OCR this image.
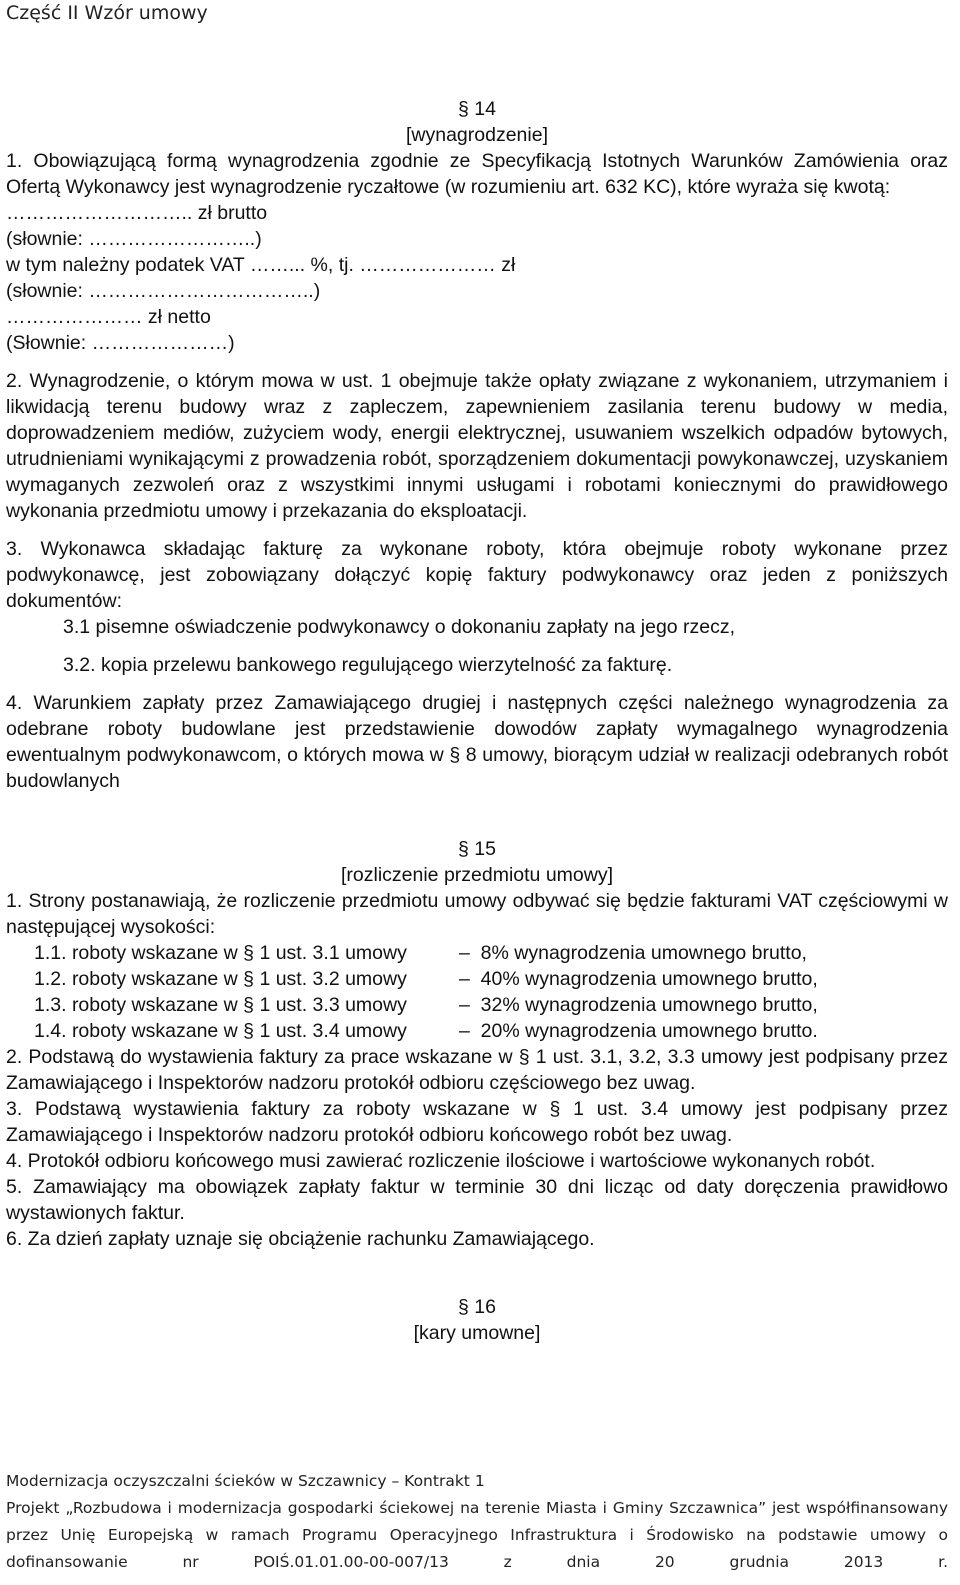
Część II Wzór umowy

§ 14

[wynagrodzenie]

1. Obowiązującą formą wynagrodzenia zgodnie ze Specyfikacją Istotnych Warunków Zamówienia oraz Ofertą Wykonawcy jest wynagrodzenie ryczałtowe (w rozumieniu art. 632 KC), które wyraża się kwotą:

……………………….. zł brutto

(słownie: ……………………..)

w tym należny podatek VAT ……... %, tj. ………………… zł

(słownie: ……………………………..)

………………… zł netto

(Słownie: …………………)

2. Wynagrodzenie, o którym mowa w ust. 1 obejmuje także opłaty związane z wykonaniem, utrzymaniem i likwidacją terenu budowy wraz z zapleczem, zapewnieniem zasilania terenu budowy w media, doprowadzeniem mediów, zużyciem wody, energii elektrycznej, usuwaniem wszelkich odpadów bytowych, utrudnieniami wynikającymi z prowadzenia robót, sporządzeniem dokumentacji powykonawczej, uzyskaniem wymaganych zezwoleń oraz z wszystkimi innymi usługami i robotami koniecznymi do prawidłowego wykonania przedmiotu umowy i przekazania do eksploatacji.

3. Wykonawca składając fakturę za wykonane roboty, która obejmuje roboty wykonane przez podwykonawcę, jest zobowiązany dołączyć kopię faktury podwykonawcy oraz jeden z poniższych dokumentów:

3.1 pisemne oświadczenie podwykonawcy o dokonaniu zapłaty na jego rzecz,

3.2. kopia przelewu bankowego regulującego wierzytelność za fakturę.

4. Warunkiem zapłaty przez Zamawiającego drugiej i następnych części należnego wynagrodzenia za odebrane roboty budowlane jest przedstawienie dowodów zapłaty wymagalnego wynagrodzenia ewentualnym podwykonawcom, o których mowa w § 8 umowy, biorącym udział w realizacji odebranych robót budowlanych

§ 15

[rozliczenie przedmiotu umowy]

1. Strony postanawiają, że rozliczenie przedmiotu umowy odbywać się będzie fakturami VAT częściowymi w następującej wysokości:

1.1. roboty wskazane w § 1 ust. 3.1 umowy	–  8% wynagrodzenia umownego brutto,
1.2. roboty wskazane w § 1 ust. 3.2 umowy	–  40% wynagrodzenia umownego brutto,
1.3. roboty wskazane w § 1 ust. 3.3 umowy	–  32% wynagrodzenia umownego brutto,
1.4. roboty wskazane w § 1 ust. 3.4 umowy	–  20% wynagrodzenia umownego brutto.

2. Podstawą do wystawienia faktury za prace wskazane w § 1 ust. 3.1, 3.2, 3.3 umowy jest podpisany przez Zamawiającego i Inspektorów nadzoru protokół odbioru częściowego bez uwag.

3. Podstawą wystawienia faktury za roboty wskazane w § 1 ust. 3.4 umowy jest podpisany przez Zamawiającego i Inspektorów nadzoru protokół odbioru końcowego robót bez uwag.

4. Protokół odbioru końcowego musi zawierać rozliczenie ilościowe i wartościowe wykonanych robót.

5. Zamawiający ma obowiązek zapłaty faktur w terminie 30 dni licząc od daty doręczenia prawidłowo wystawionych faktur.

6. Za dzień zapłaty uznaje się obciążenie rachunku Zamawiającego.

§ 16

[kary umowne]

Modernizacja oczyszczalni ścieków w Szczawnicy – Kontrakt 1

Projekt „Rozbudowa i modernizacja gospodarki ściekowej na terenie Miasta i Gminy Szczawnica” jest współfinansowany przez Unię Europejską w ramach Programu Operacyjnego Infrastruktura i Środowisko na podstawie umowy o dofinansowanie nr POIŚ.01.01.00-00-007/13 z dnia 20 grudnia 2013 r.
